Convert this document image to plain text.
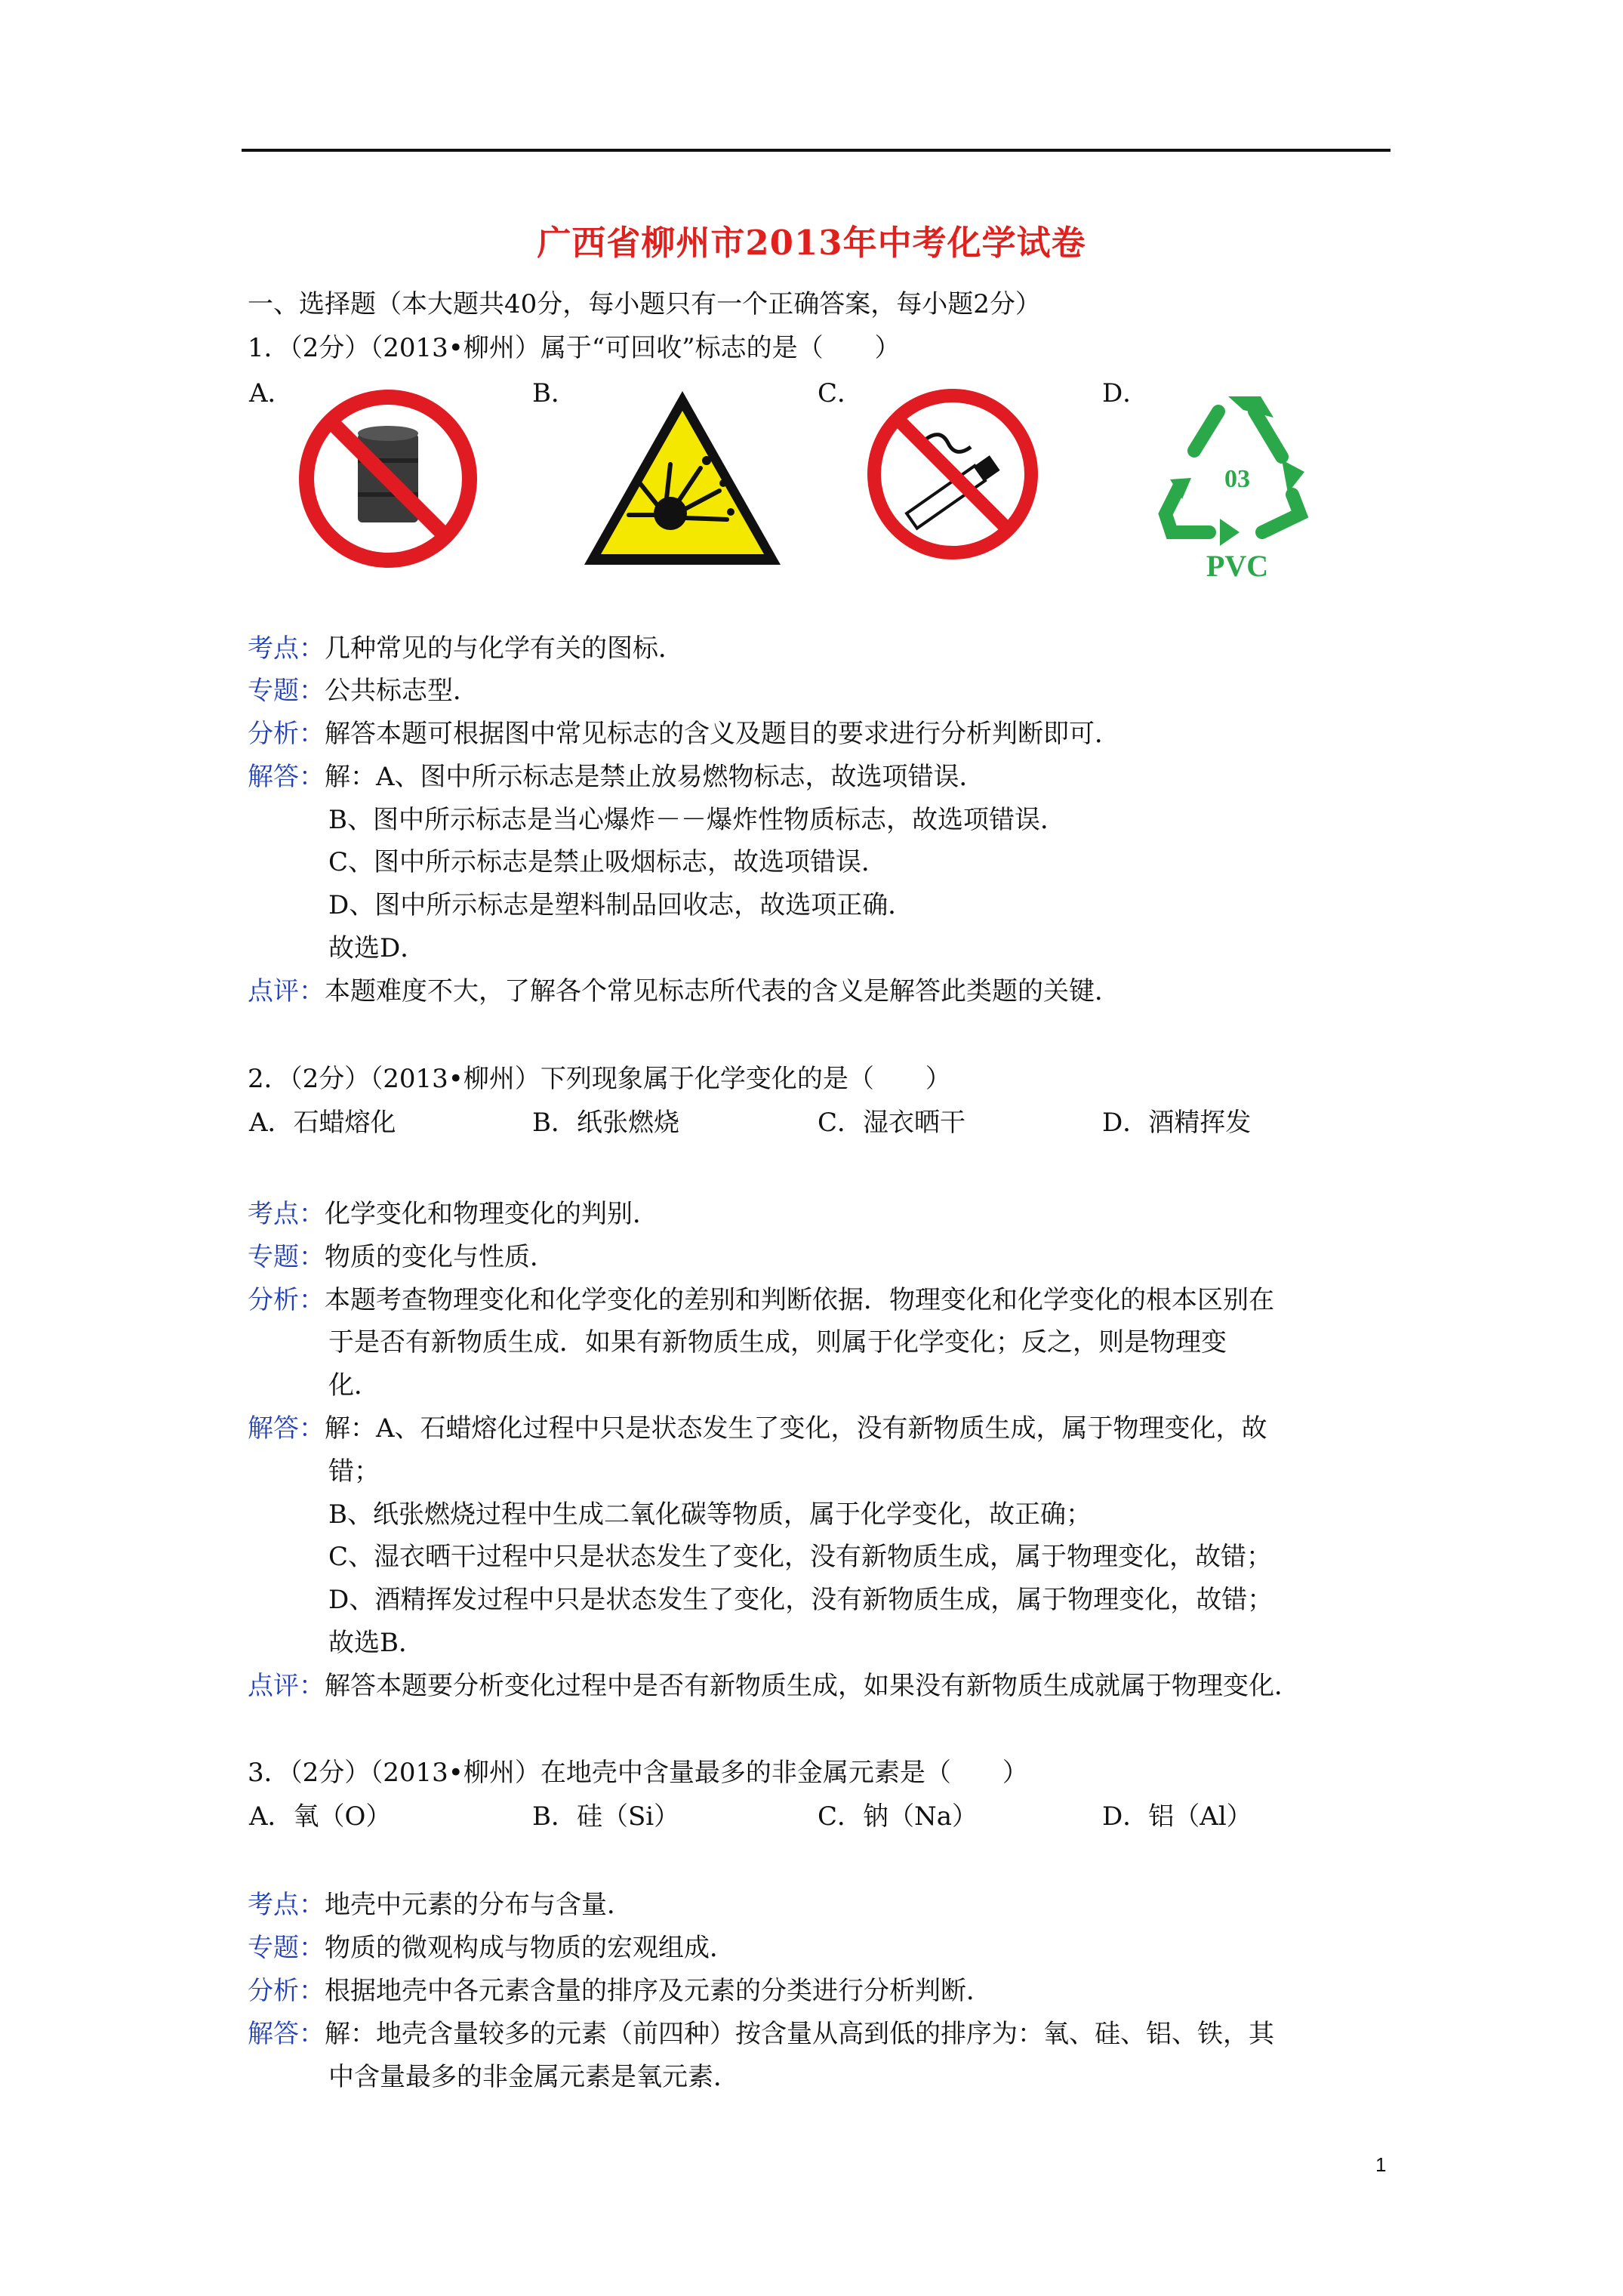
广西省柳州市2013年中考化学试卷
一、选择题（本大题共40分，每小题只有一个正确答案，每小题2分）
1．（2分）（2013•柳州）属于“可回收”标志的是（　　）
A．	B．	C．	D．
03
PVC
考点：几种常见的与化学有关的图标．
专题：公共标志型．
分析：解答本题可根据图中常见标志的含义及题目的要求进行分析判断即可．
解答：解：A、图中所示标志是禁止放易燃物标志，故选项错误．
B、图中所示标志是当心爆炸－－爆炸性物质标志，故选项错误．
C、图中所示标志是禁止吸烟标志，故选项错误．
D、图中所示标志是塑料制品回收志，故选项正确．
故选D．
点评：本题难度不大，了解各个常见标志所代表的含义是解答此类题的关键．
2．（2分）（2013•柳州）下列现象属于化学变化的是（　　）
A．石蜡熔化	B．纸张燃烧	C．湿衣晒干	D．酒精挥发
考点：化学变化和物理变化的判别．
专题：物质的变化与性质．
分析：本题考查物理变化和化学变化的差别和判断依据．物理变化和化学变化的根本区别在
于是否有新物质生成．如果有新物质生成，则属于化学变化；反之，则是物理变
化．
解答：解：A、石蜡熔化过程中只是状态发生了变化，没有新物质生成，属于物理变化，故
错；
B、纸张燃烧过程中生成二氧化碳等物质，属于化学变化，故正确；
C、湿衣晒干过程中只是状态发生了变化，没有新物质生成，属于物理变化，故错；
D、酒精挥发过程中只是状态发生了变化，没有新物质生成，属于物理变化，故错；
故选B．
点评：解答本题要分析变化过程中是否有新物质生成，如果没有新物质生成就属于物理变化．
3．（2分）（2013•柳州）在地壳中含量最多的非金属元素是（　　）
A．氧（O）	B．硅（Si）	C．钠（Na）	D．铝（Al）
考点：地壳中元素的分布与含量．
专题：物质的微观构成与物质的宏观组成．
分析：根据地壳中各元素含量的排序及元素的分类进行分析判断．
解答：解：地壳含量较多的元素（前四种）按含量从高到低的排序为：氧、硅、铝、铁，其
中含量最多的非金属元素是氧元素．
1
